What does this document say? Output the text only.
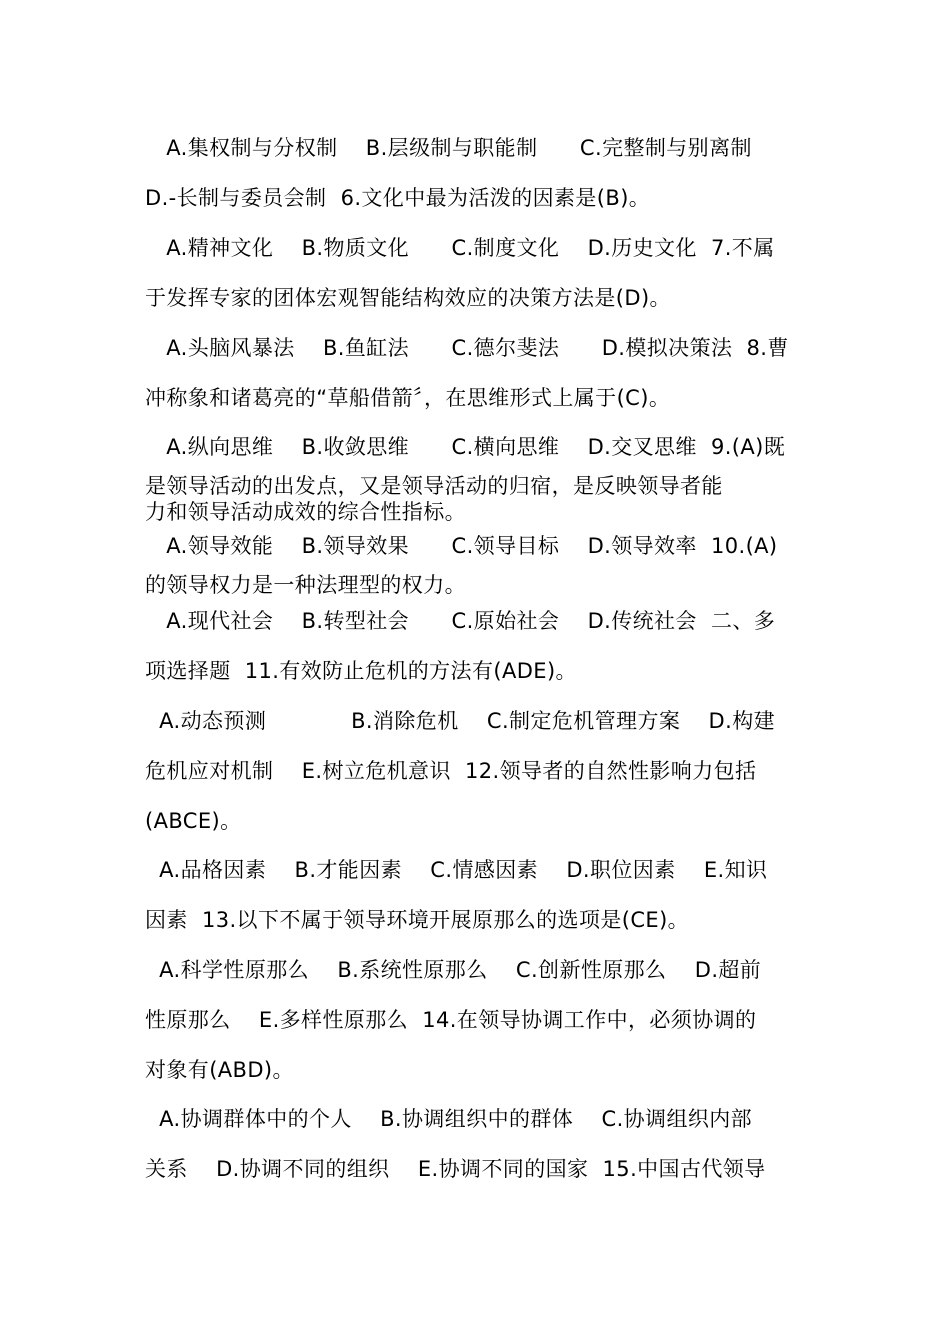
A.集权制与分权制    B.层级制与职能制      C.完整制与别离制
D.-长制与委员会制  6.文化中最为活泼的因素是(B)。
A.精神文化    B.物质文化      C.制度文化    D.历史文化  7.不属
于发挥专家的团体宏观智能结构效应的决策方法是(D)。
A.头脑风暴法    B.鱼缸法      C.德尔斐法      D.模拟决策法  8.曹
冲称象和诸葛亮的“草船借箭〞，在思维形式上属于(C)。
A.纵向思维    B.收敛思维      C.横向思维    D.交叉思维  9.(A)既
是领导活动的出发点，又是领导活动的归宿，是反映领导者能
力和领导活动成效的综合性指标。
A.领导效能    B.领导效果      C.领导目标    D.领导效率  10.(A)
的领导权力是一种法理型的权力。
A.现代社会    B.转型社会      C.原始社会    D.传统社会  二、多
项选择题  11.有效防止危机的方法有(ADE)。
A.动态预测            B.消除危机    C.制定危机管理方案    D.构建
危机应对机制    E.树立危机意识  12.领导者的自然性影响力包括
(ABCE)。
A.品格因素    B.才能因素    C.情感因素    D.职位因素    E.知识
因素  13.以下不属于领导环境开展原那么的选项是(CE)。
A.科学性原那么    B.系统性原那么    C.创新性原那么    D.超前
性原那么    E.多样性原那么  14.在领导协调工作中，必须协调的
对象有(ABD)。
A.协调群体中的个人    B.协调组织中的群体    C.协调组织内部
关系    D.协调不同的组织    E.协调不同的国家  15.中国古代领导
